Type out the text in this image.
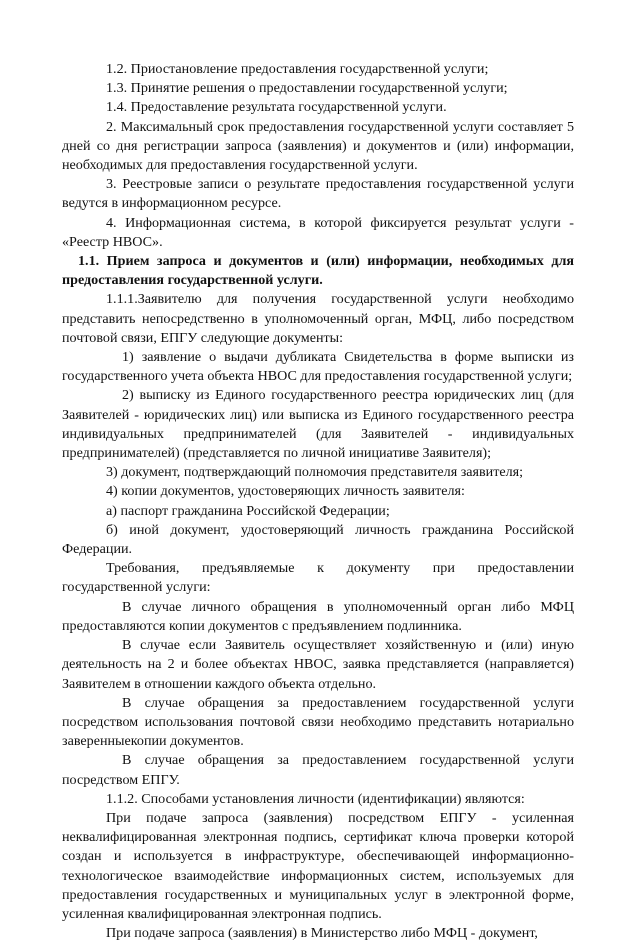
1.2. Приостановление предоставления государственной услуги;

1.3. Принятие решения о предоставлении государственной услуги;

1.4. Предоставление результата государственной услуги.

2. Максимальный срок предоставления государственной услуги составляет 5 дней со дня регистрации запроса (заявления) и документов и (или) информации, необходимых для предоставления государственной услуги.

3. Реестровые записи о результате предоставления государственной услуги ведутся в информационном ресурсе.

4. Информационная система, в которой фиксируется результат услуги - «Реестр НВОС».

1.1. Прием запроса и документов и (или) информации, необходимых для предоставления государственной услуги.

1.1.1.Заявителю для получения государственной услуги необходимо представить непосредственно в уполномоченный орган, МФЦ, либо посредством почтовой связи, ЕПГУ следующие документы:

1) заявление о выдачи дубликата Свидетельства в форме выписки из государственного учета объекта НВОС для предоставления государственной услуги;

2) выписку из Единого государственного реестра юридических лиц (для Заявителей - юридических лиц) или выписка из Единого государственного реестра индивидуальных предпринимателей (для Заявителей - индивидуальных предпринимателей) (представляется по личной инициативе Заявителя);

3) документ, подтверждающий полномочия представителя заявителя;

4) копии документов, удостоверяющих личность заявителя:

а) паспорт гражданина Российской Федерации;

б) иной документ, удостоверяющий личность гражданина Российской Федерации.

Требования, предъявляемые к документу при предоставлении государственной услуги:

В случае личного обращения в уполномоченный орган либо МФЦ предоставляются копии документов с предъявлением подлинника.

В случае если Заявитель осуществляет хозяйственную и (или) иную деятельность на 2 и более объектах НВОС, заявка представляется (направляется) Заявителем в отношении каждого объекта отдельно.

В случае обращения за предоставлением государственной услуги посредством использования почтовой связи необходимо представить нотариально заверенныекопии документов.

В случае обращения за предоставлением государственной услуги посредством ЕПГУ.

1.1.2. Способами установления личности (идентификации) являются:

При подаче запроса (заявления) посредством ЕПГУ - усиленная неквалифицированная электронная подпись, сертификат ключа проверки которой создан и используется в инфраструктуре, обеспечивающей информационно-технологическое взаимодействие информационных систем, используемых для предоставления государственных и муниципальных услуг в электронной форме, усиленная квалифицированная электронная подпись.

При подаче запроса (заявления) в Министерство либо МФЦ - документ,
